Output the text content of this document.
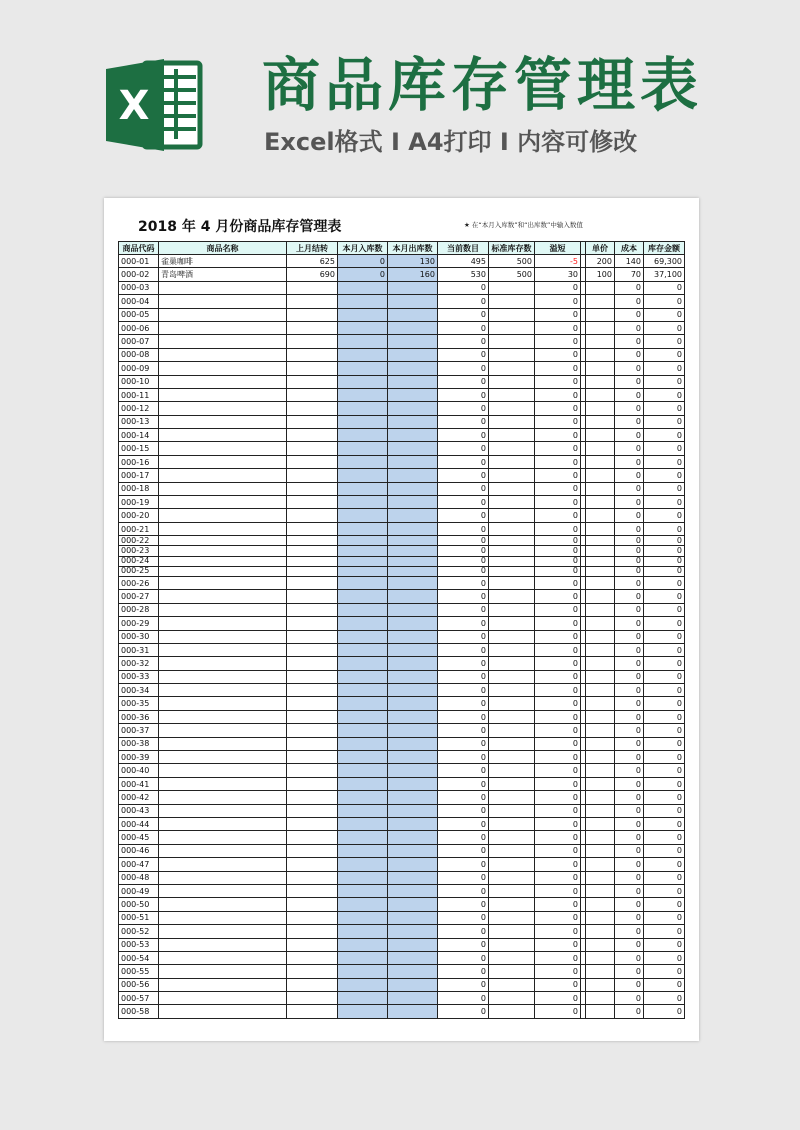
X 商品库存管理表
Excel格式 I A4打印 I 内容可修改
2018 年 4 月份商品库存管理表	★ 在“本月入库数”和“出库数”中输入数值
商品代码	商品名称	上月结转	本月入库数	本月出库数	当前数目	标准库存数	溢短		单价	成本	库存金额
000-01	雀巢咖啡	625	0	130	495	500	-5		200	140	69,300
000-02	青岛啤酒	690	0	160	530	500	30		100	70	37,100
000-03					0		0			0	0
000-04					0		0			0	0
000-05					0		0			0	0
000-06					0		0			0	0
000-07					0		0			0	0
000-08					0		0			0	0
000-09					0		0			0	0
000-10					0		0			0	0
000-11					0		0			0	0
000-12					0		0			0	0
000-13					0		0			0	0
000-14					0		0			0	0
000-15					0		0			0	0
000-16					0		0			0	0
000-17					0		0			0	0
000-18					0		0			0	0
000-19					0		0			0	0
000-20					0		0			0	0
000-21					0		0			0	0
000-22					0		0			0	0
000-23					0		0			0	0
000-24					0		0			0	0
000-25					0		0			0	0
000-26					0		0			0	0
000-27					0		0			0	0
000-28					0		0			0	0
000-29					0		0			0	0
000-30					0		0			0	0
000-31					0		0			0	0
000-32					0		0			0	0
000-33					0		0			0	0
000-34					0		0			0	0
000-35					0		0			0	0
000-36					0		0			0	0
000-37					0		0			0	0
000-38					0		0			0	0
000-39					0		0			0	0
000-40					0		0			0	0
000-41					0		0			0	0
000-42					0		0			0	0
000-43					0		0			0	0
000-44					0		0			0	0
000-45					0		0			0	0
000-46					0		0			0	0
000-47					0		0			0	0
000-48					0		0			0	0
000-49					0		0			0	0
000-50					0		0			0	0
000-51					0		0			0	0
000-52					0		0			0	0
000-53					0		0			0	0
000-54					0		0			0	0
000-55					0		0			0	0
000-56					0		0			0	0
000-57					0		0			0	0
000-58					0		0			0	0
